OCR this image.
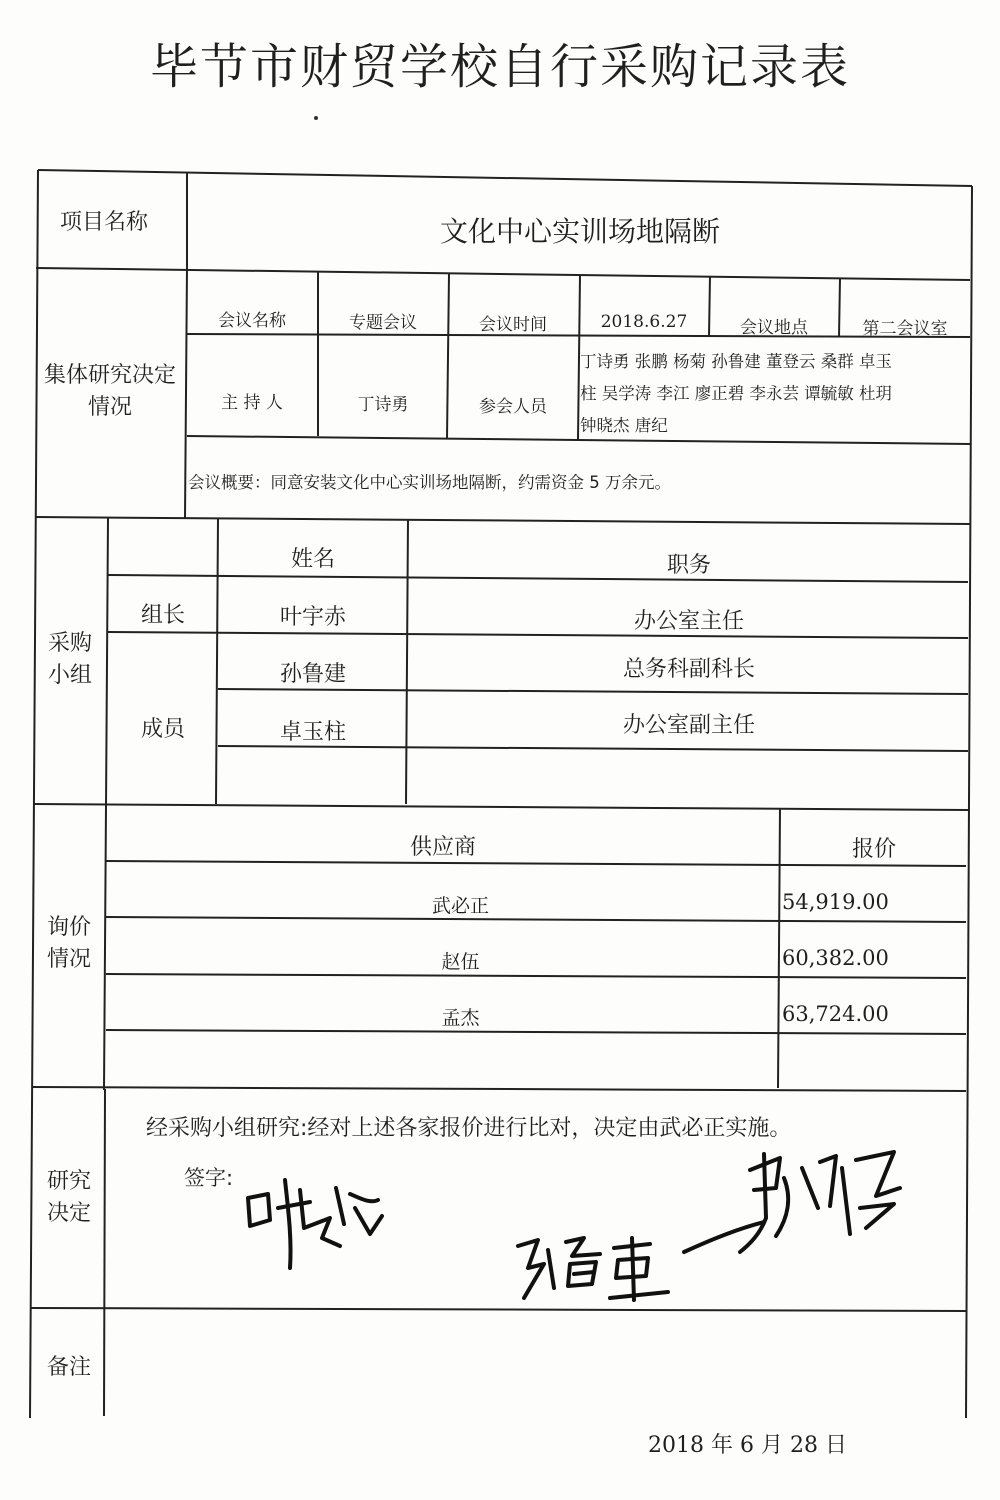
毕节市财贸学校自行采购记录表
项目名称	文化中心实训场地隔断
集体研究决定情况
会议名称	专题会议	会议时间	2018.6.27	会议地点	第二会议室
主 持 人	丁诗勇	参会人员
丁诗勇 张鹏 杨菊 孙鲁建 董登云 桑群 卓玉
柱 吴学涛 李江 廖正碧 李永芸 谭毓敏 杜玥
钟晓杰 唐纪
会议概要：同意安装文化中心实训场地隔断，约需资金 5 万余元。
采购小组
姓名	职务
组长	叶宇赤	办公室主任
成员
孙鲁建	总务科副科长
卓玉柱	办公室副主任
询价情况
供应商	报价
武必正	54,919.00
赵伍	60,382.00
孟杰	63,724.00
研究决定
经采购小组研究:经对上述各家报价进行比对，决定由武必正实施。
签字:
备注
2018 年 6 月 28 日
